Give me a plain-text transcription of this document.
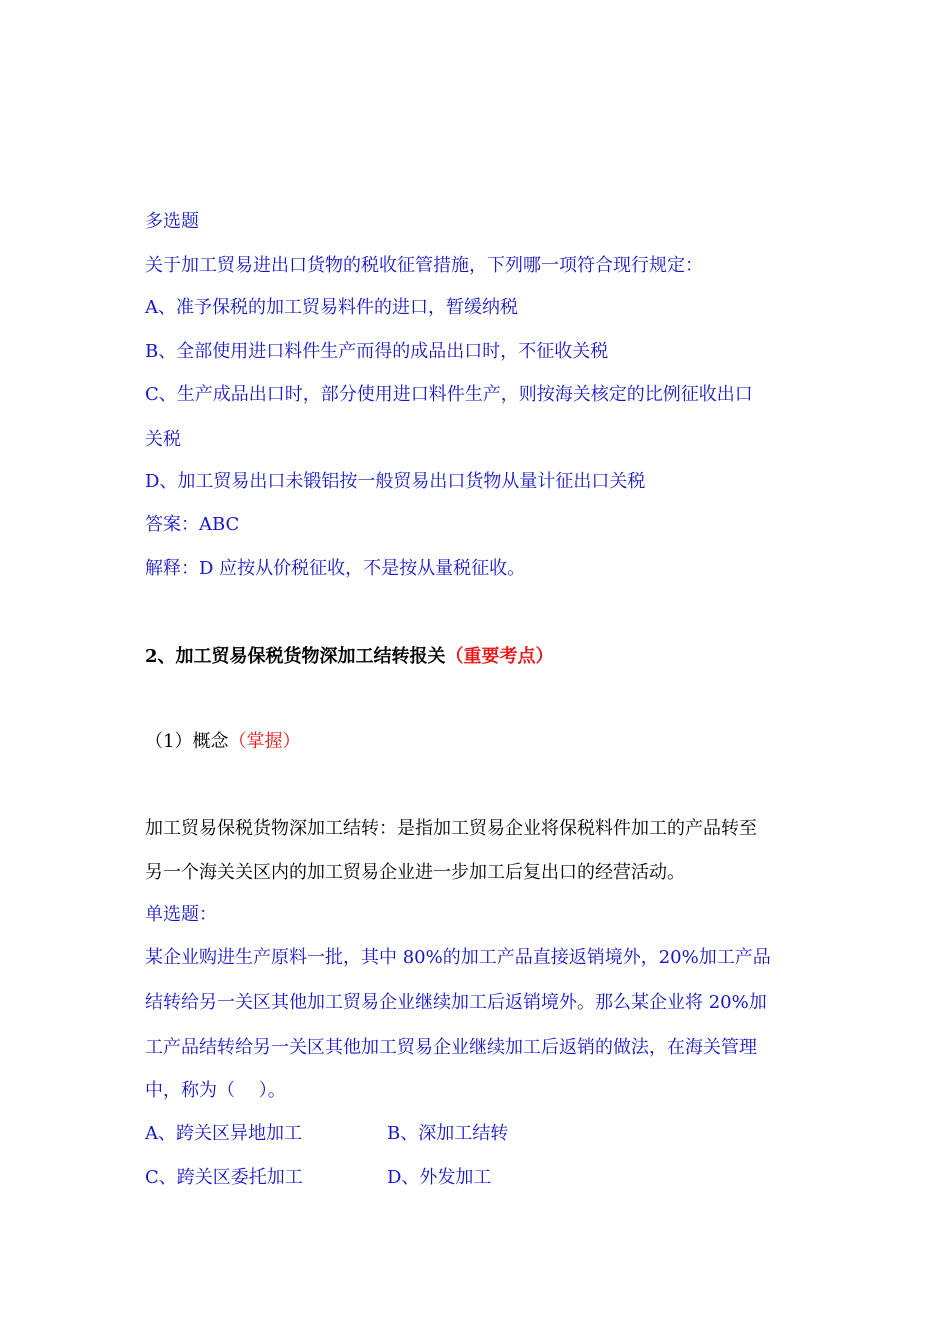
多选题
关于加工贸易进出口货物的税收征管措施，下列哪一项符合现行规定：
A、准予保税的加工贸易料件的进口，暂缓纳税
B、全部使用进口料件生产而得的成品出口时，不征收关税
C、生产成品出口时，部分使用进口料件生产，则按海关核定的比例征收出口
关税
D、加工贸易出口未锻铝按一般贸易出口货物从量计征出口关税
答案：ABC
解释：D 应按从价税征收，不是按从量税征收。
2、加工贸易保税货物深加工结转报关（重要考点）
（1）概念（掌握）
加工贸易保税货物深加工结转：是指加工贸易企业将保税料件加工的产品转至
另一个海关关区内的加工贸易企业进一步加工后复出口的经营活动。
单选题：
某企业购进生产原料一批，其中 80%的加工产品直接返销境外，20%加工产品
结转给另一关区其他加工贸易企业继续加工后返销境外。那么某企业将 20%加
工产品结转给另一关区其他加工贸易企业继续加工后返销的做法，在海关管理
中，称为（　 ）。
A、跨关区异地加工	B、深加工结转
C、跨关区委托加工	D、外发加工
